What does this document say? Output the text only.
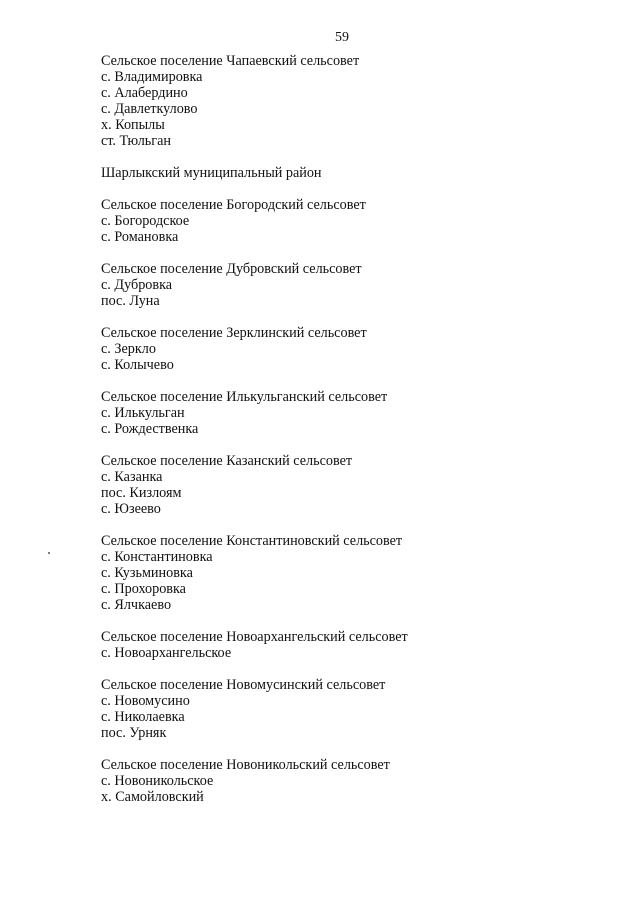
59
Сельское поселение Чапаевский сельсовет
с. Владимировка
с. Алабердино
с. Давлеткулово
х. Копылы
ст. Тюльган
Шарлыкский муниципальный район
Сельское поселение Богородский сельсовет
с. Богородское
с. Романовка
Сельское поселение Дубровский сельсовет
с. Дубровка
пос. Луна
Сельское поселение Зерклинский сельсовет
с. Зеркло
с. Колычево
Сельское поселение Илькульганский сельсовет
с. Илькульган
с. Рождественка
Сельское поселение Казанский сельсовет
с. Казанка
пос. Кизлоям
с. Юзеево
Сельское поселение Константиновский сельсовет
с. Константиновка
с. Кузьминовка
с. Прохоровка
с. Ялчкаево
Сельское поселение Новоархангельский сельсовет
с. Новоархангельское
Сельское поселение Новомусинский сельсовет
с. Новомусино
с. Николаевка
пос. Урняк
Сельское поселение Новоникольский сельсовет
с. Новоникольское
х. Самойловский
